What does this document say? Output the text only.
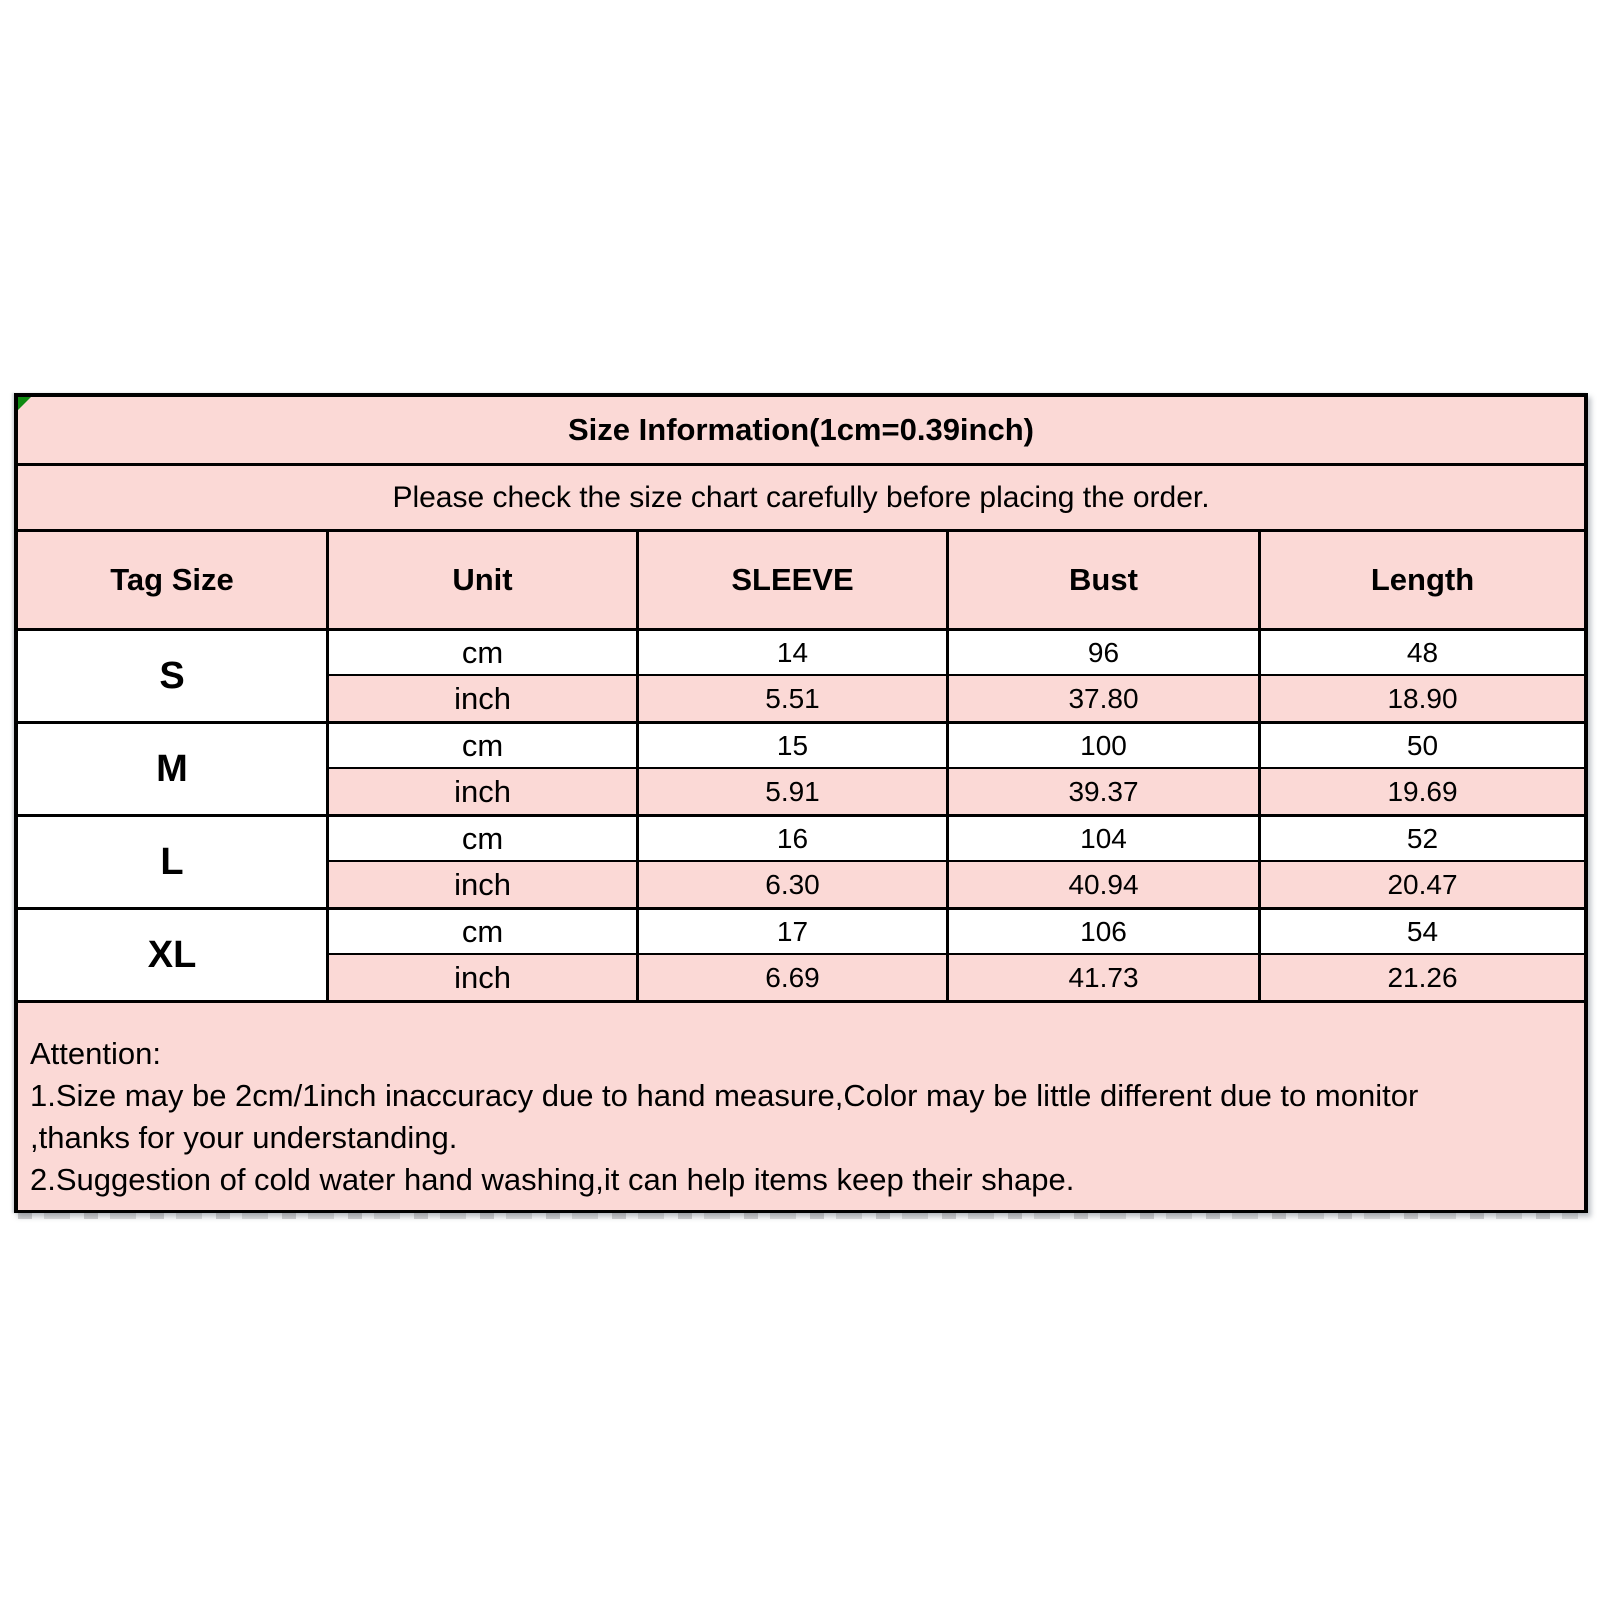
Size Information(1cm=0.39inch)
Please check the size chart carefully before placing the order.
Tag Size	Unit	SLEEVE	Bust	Length
S
cm	14	96	48
inch	5.51	37.80	18.90
M
cm	15	100	50
inch	5.91	39.37	19.69
L
cm	16	104	52
inch	6.30	40.94	20.47
XL
cm	17	106	54
inch	6.69	41.73	21.26
Attention:
1.Size may be 2cm/1inch inaccuracy due to hand measure,Color may be little different due to monitor
,thanks for your understanding.
2.Suggestion of cold water hand washing,it can help items keep their shape.
